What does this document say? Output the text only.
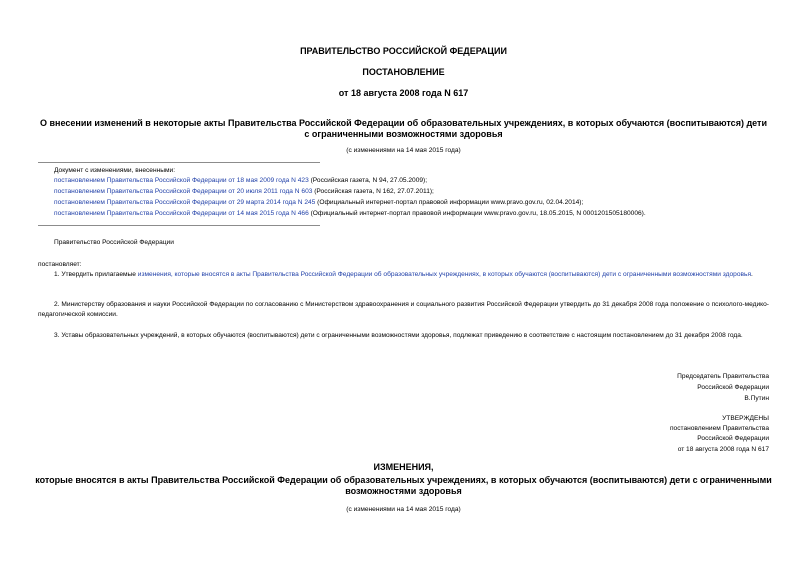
ПРАВИТЕЛЬСТВО РОССИЙСКОЙ ФЕДЕРАЦИИ
ПОСТАНОВЛЕНИЕ
от 18 августа 2008 года N 617
О внесении изменений в некоторые акты Правительства Российской Федерации об образовательных учреждениях, в которых обучаются (воспитываются) дети с ограниченными возможностями здоровья
(с изменениями на 14 мая 2015 года)
Документ с изменениями, внесенными:
постановлением Правительства Российской Федерации от 18 мая 2009 года N 423 (Российская газета, N 94, 27.05.2009);
постановлением Правительства Российской Федерации от 20 июля 2011 года N 603 (Российская газета, N 162, 27.07.2011);
постановлением Правительства Российской Федерации от 29 марта 2014 года N 245 (Официальный интернет-портал правовой информации www.pravo.gov.ru, 02.04.2014);
постановлением Правительства Российской Федерации от 14 мая 2015 года N 466 (Официальный интернет-портал правовой информации www.pravo.gov.ru, 18.05.2015, N 0001201505180006).
Правительство Российской Федерации
постановляет:
1. Утвердить прилагаемые изменения, которые вносятся в акты Правительства Российской Федерации об образовательных учреждениях, в которых обучаются (воспитываются) дети с ограниченными возможностями здоровья.
2. Министерству образования и науки Российской Федерации по согласованию с Министерством здравоохранения и социального развития Российской Федерации утвердить до 31 декабря 2008 года положение о психолого-медико-педагогической комиссии.
3. Уставы образовательных учреждений, в которых обучаются (воспитываются) дети с ограниченными возможностями здоровья, подлежат приведению в соответствие с настоящим постановлением до 31 декабря 2008 года.
Председатель Правительства
Российской Федерации
В.Путин
УТВЕРЖДЕНЫ
постановлением Правительства
Российской Федерации
от 18 августа 2008 года N 617
ИЗМЕНЕНИЯ,
которые вносятся в акты Правительства Российской Федерации об образовательных учреждениях, в которых обучаются (воспитываются) дети с ограниченными возможностями здоровья
(с изменениями на 14 мая 2015 года)
